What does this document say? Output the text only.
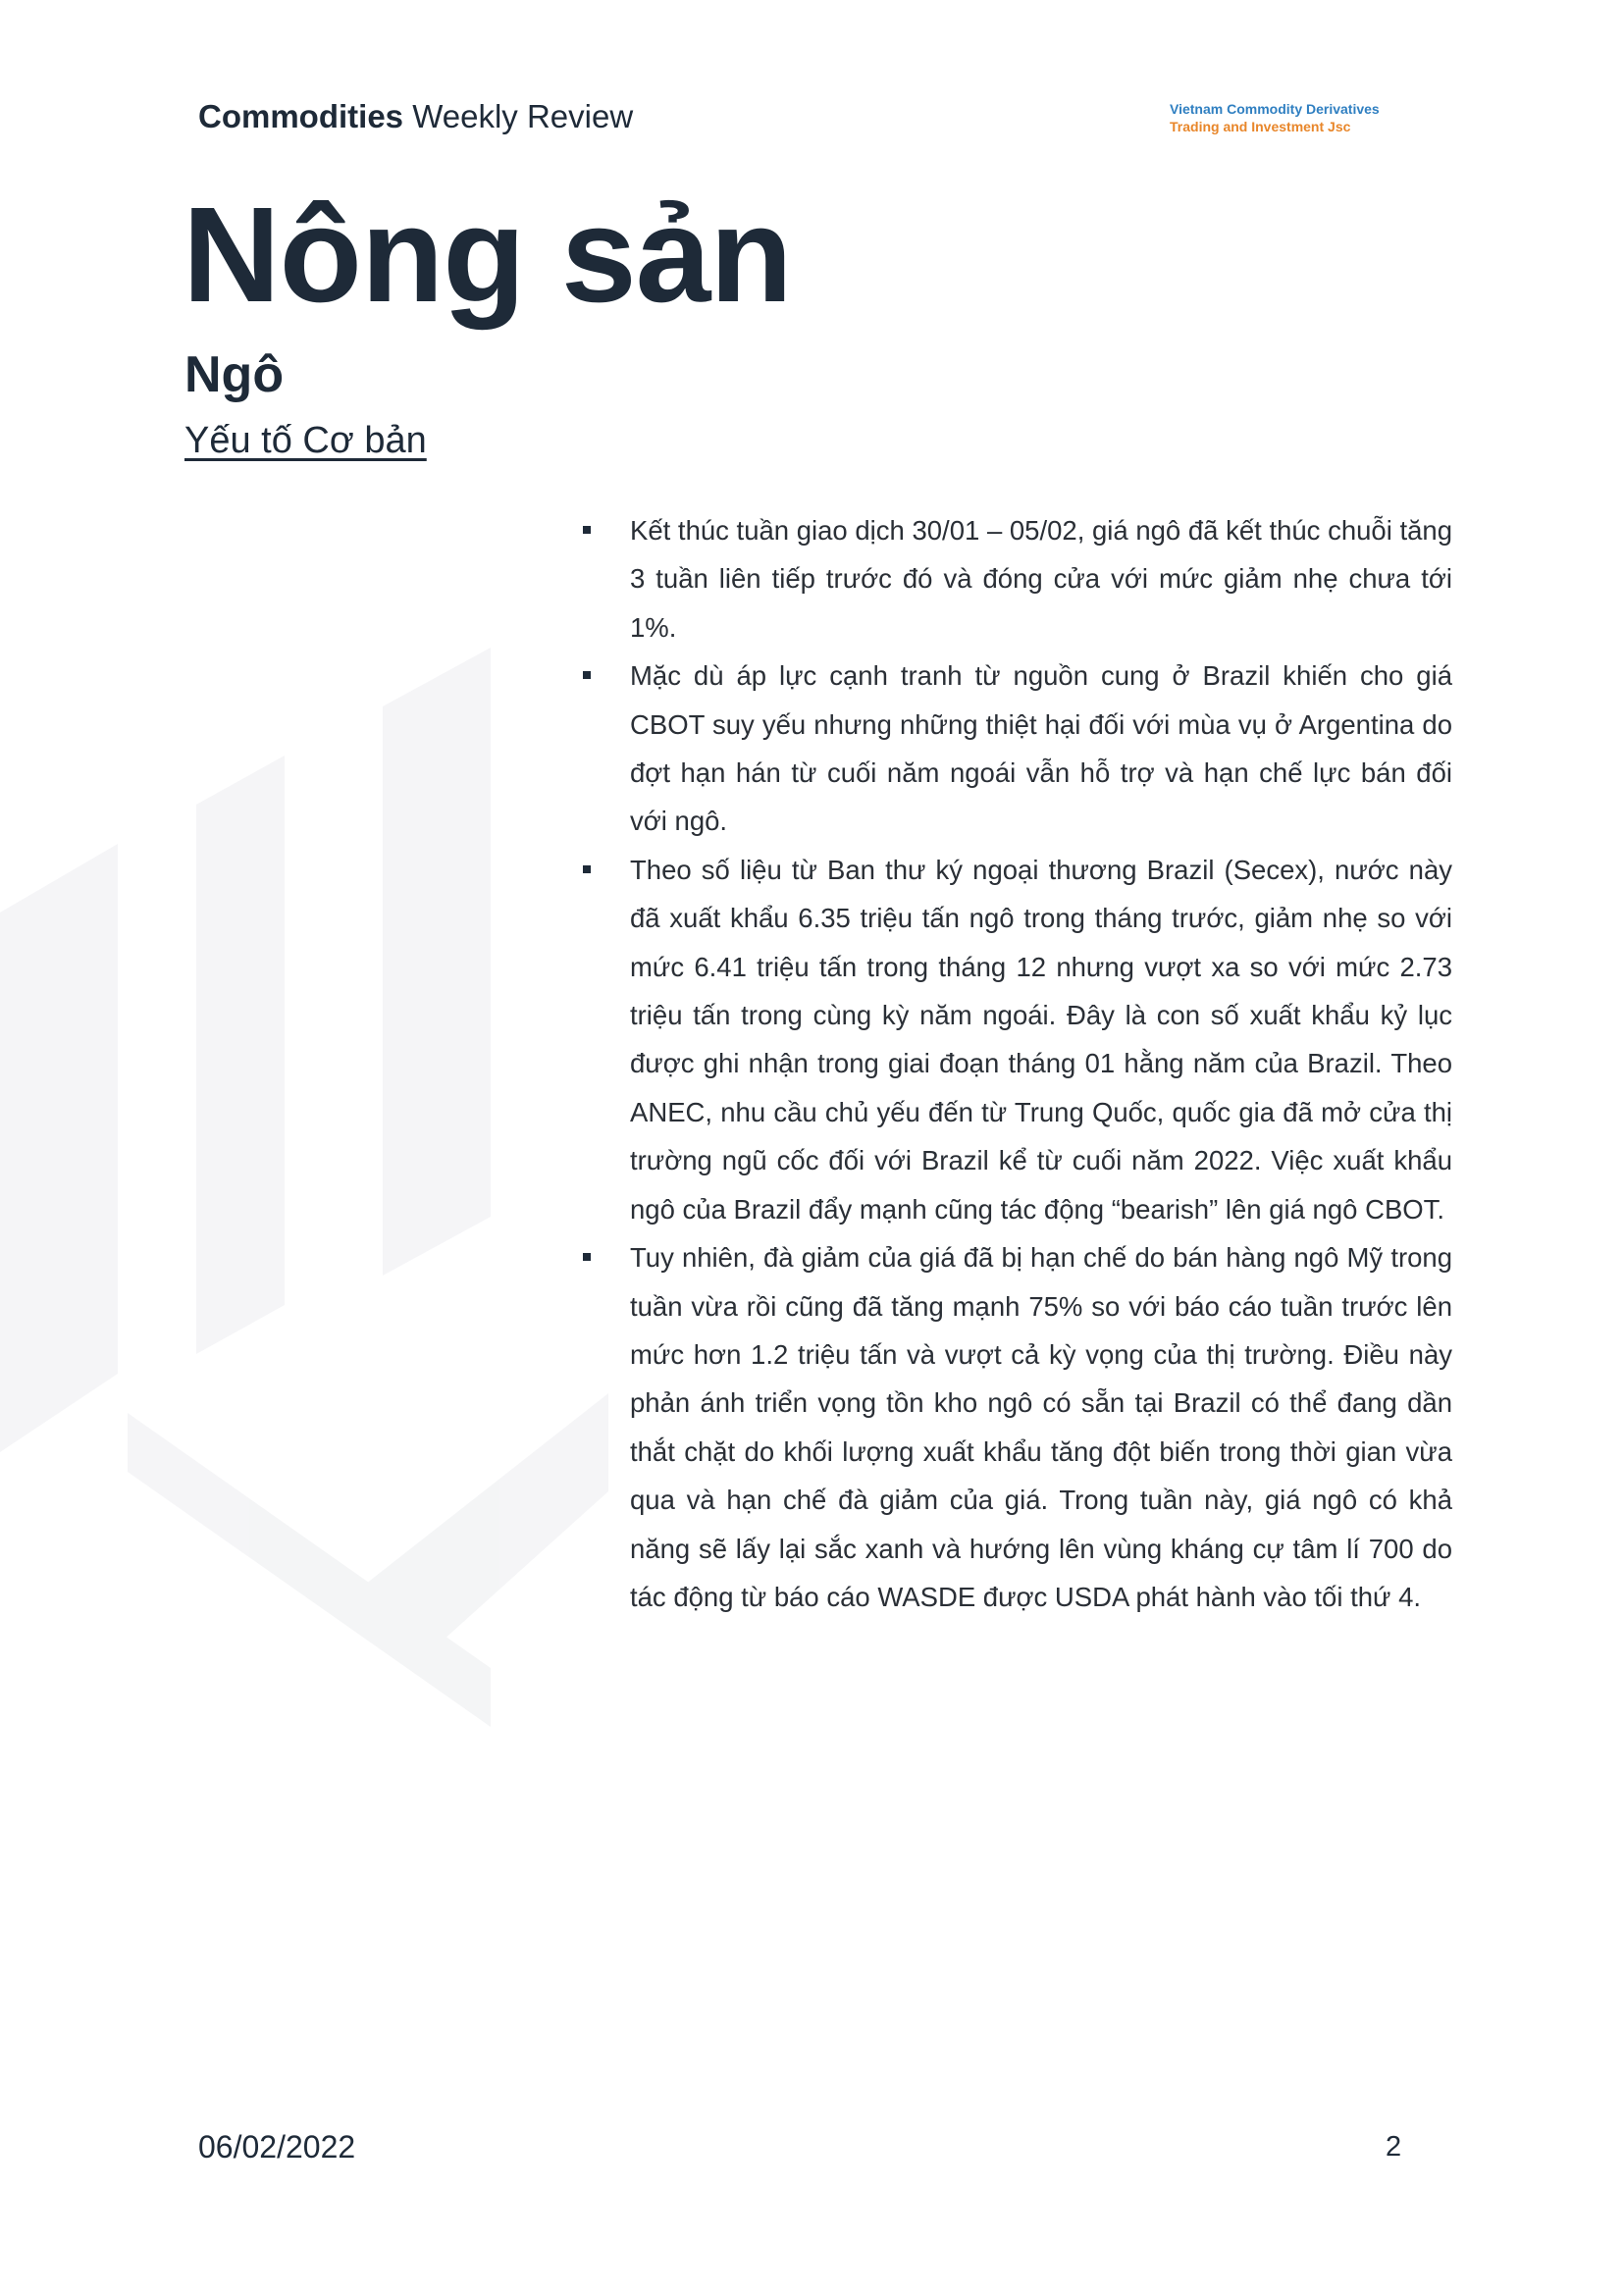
Commodities Weekly Review	Vietnam Commodity Derivatives
Trading and Investment Jsc
Nông sản
Ngô
Yếu tố Cơ bản
Kết thúc tuần giao dịch 30/01 – 05/02, giá ngô đã kết thúc chuỗi tăng 3 tuần liên tiếp trước đó và đóng cửa với mức giảm nhẹ chưa tới 1%.
Mặc dù áp lực cạnh tranh từ nguồn cung ở Brazil khiến cho giá CBOT suy yếu nhưng những thiệt hại đối với mùa vụ ở Argentina do đợt hạn hán từ cuối năm ngoái vẫn hỗ trợ và hạn chế lực bán đối với ngô.
Theo số liệu từ Ban thư ký ngoại thương Brazil (Secex), nước này đã xuất khẩu 6.35 triệu tấn ngô trong tháng trước, giảm nhẹ so với mức 6.41 triệu tấn trong tháng 12 nhưng vượt xa so với mức 2.73 triệu tấn trong cùng kỳ năm ngoái. Đây là con số xuất khẩu kỷ lục được ghi nhận trong giai đoạn tháng 01 hằng năm của Brazil. Theo ANEC, nhu cầu chủ yếu đến từ Trung Quốc, quốc gia đã mở cửa thị trường ngũ cốc đối với Brazil kể từ cuối năm 2022. Việc xuất khẩu ngô của Brazil đẩy mạnh cũng tác động “bearish” lên giá ngô CBOT.
Tuy nhiên, đà giảm của giá đã bị hạn chế do bán hàng ngô Mỹ trong tuần vừa rồi cũng đã tăng mạnh 75% so với báo cáo tuần trước lên mức hơn 1.2 triệu tấn và vượt cả kỳ vọng của thị trường. Điều này phản ánh triển vọng tồn kho ngô có sẵn tại Brazil có thể đang dần thắt chặt do khối lượng xuất khẩu tăng đột biến trong thời gian vừa qua và hạn chế đà giảm của giá. Trong tuần này, giá ngô có khả năng sẽ lấy lại sắc xanh và hướng lên vùng kháng cự tâm lí 700 do tác động từ báo cáo WASDE được USDA phát hành vào tối thứ 4.
06/02/2022	2
